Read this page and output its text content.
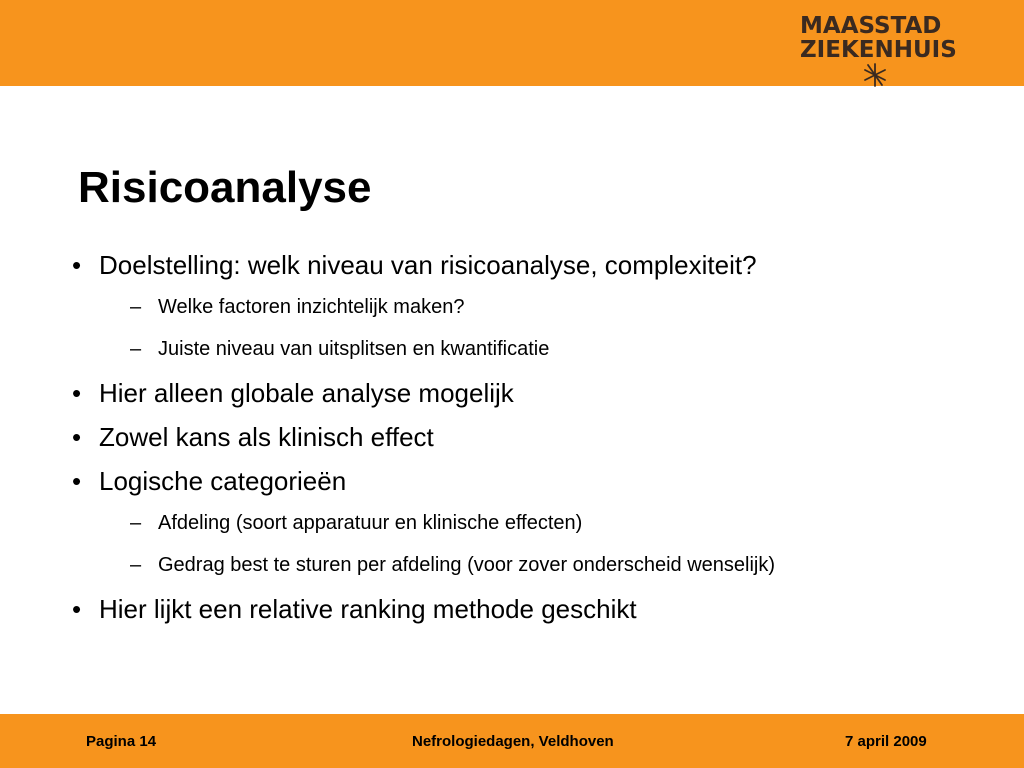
MAASSTAD
ZIEKENHUIS
Risicoanalyse
• Doelstelling: welk niveau van risicoanalyse, complexiteit?
– Welke factoren inzichtelijk maken?
– Juiste niveau van uitsplitsen en kwantificatie
• Hier alleen globale analyse mogelijk
• Zowel kans als klinisch effect
• Logische categorieën
– Afdeling (soort apparatuur en klinische effecten)
– Gedrag best te sturen per afdeling (voor zover onderscheid wenselijk)
• Hier lijkt een relative ranking methode geschikt
Pagina 14	Nefrologiedagen, Veldhoven	7 april 2009
